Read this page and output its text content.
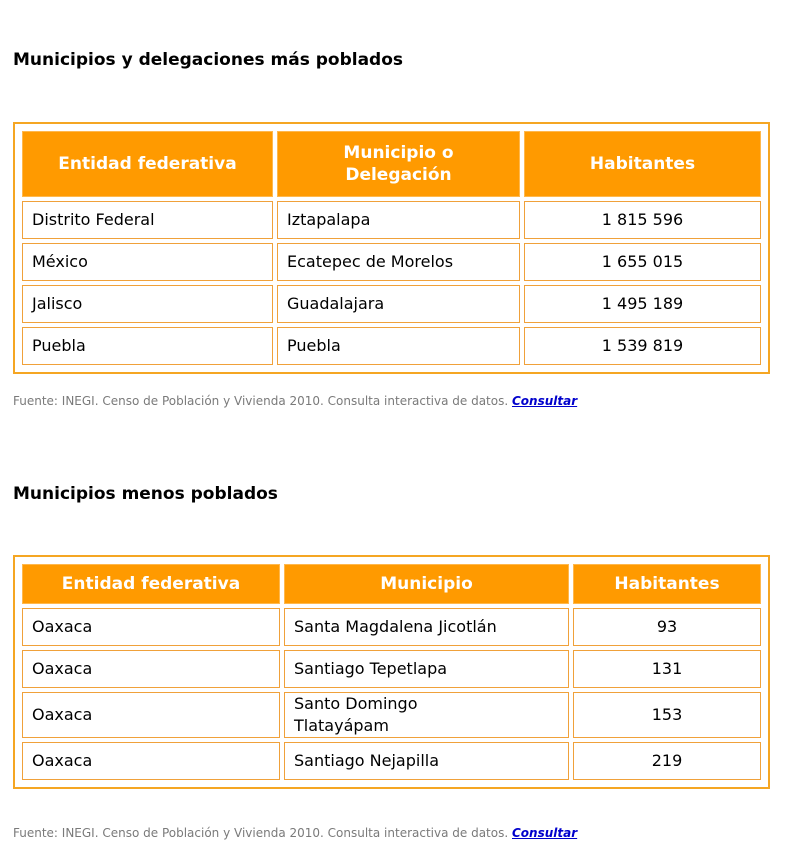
Municipios y delegaciones más poblados
Entidad federativa	Municipio o Delegación	Habitantes
Distrito Federal	Iztapalapa	1 815 596
México	Ecatepec de Morelos	1 655 015
Jalisco	Guadalajara	1 495 189
Puebla	Puebla	1 539 819
Fuente: INEGI. Censo de Población y Vivienda 2010. Consulta interactiva de datos. Consultar
Municipios menos poblados
Entidad federativa	Municipio	Habitantes
Oaxaca	Santa Magdalena Jicotlán	93
Oaxaca	Santiago Tepetlapa	131
Oaxaca	Santo Domingo Tlatayápam	153
Oaxaca	Santiago Nejapilla	219
Fuente: INEGI. Censo de Población y Vivienda 2010. Consulta interactiva de datos. Consultar
